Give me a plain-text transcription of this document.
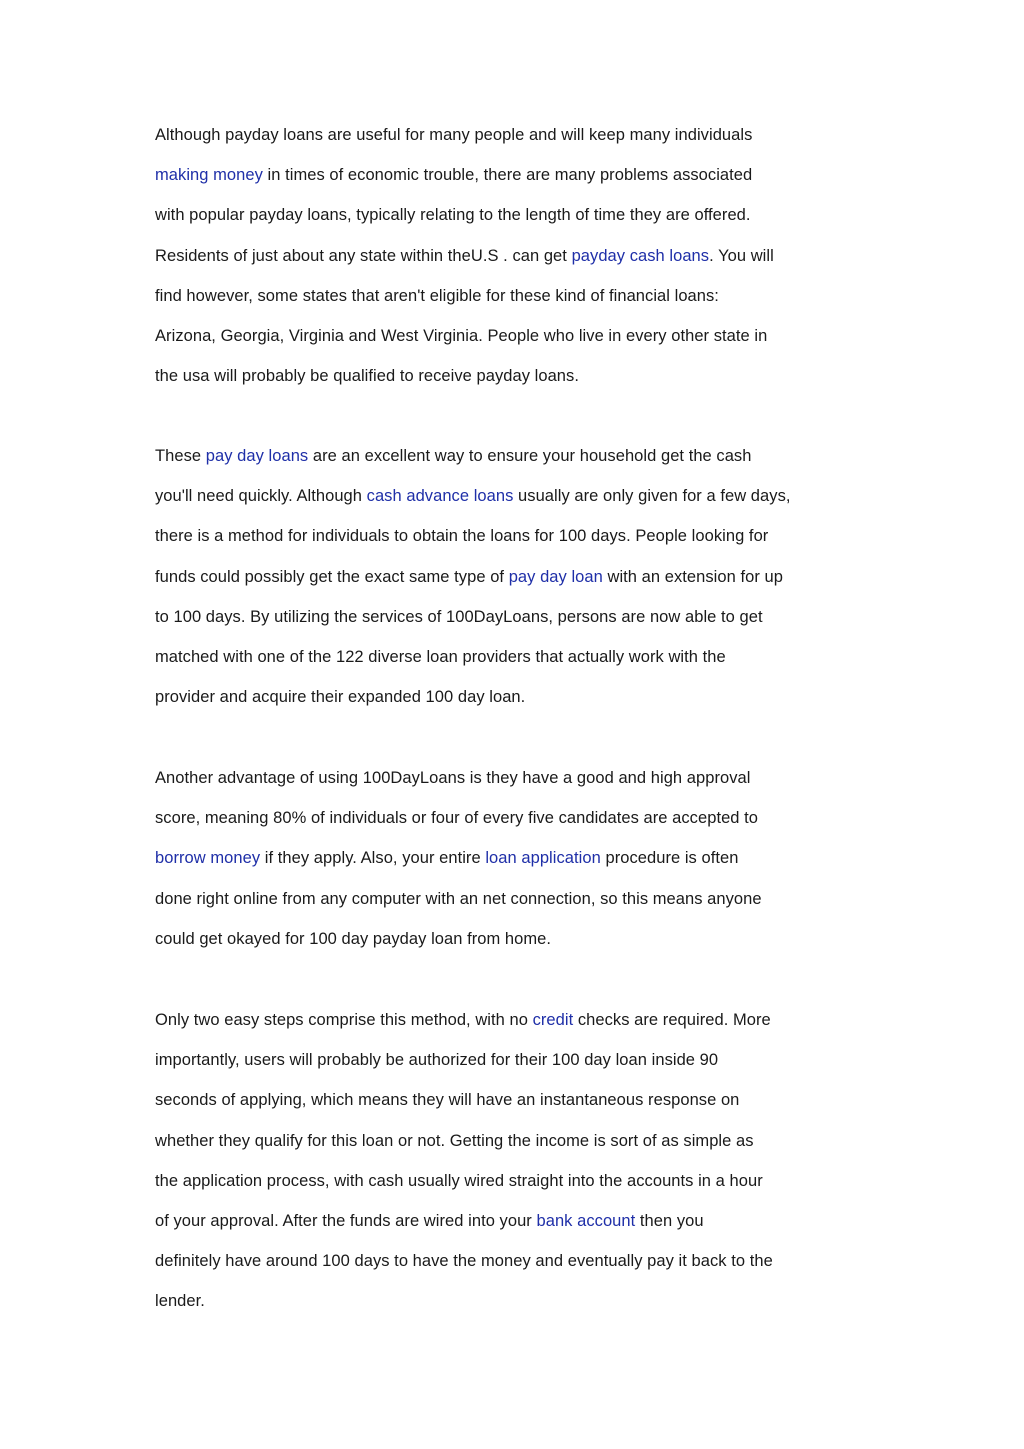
Although payday loans are useful for many people and will keep many individuals
making money in times of economic trouble, there are many problems associated
with popular payday loans, typically relating to the length of time they are offered.
Residents of just about any state within theU.S . can get payday cash loans. You will
find however, some states that aren't eligible for these kind of financial loans:
Arizona, Georgia, Virginia and West Virginia. People who live in every other state in
the usa will probably be qualified to receive payday loans.
These pay day loans are an excellent way to ensure your household get the cash
you'll need quickly. Although cash advance loans usually are only given for a few days,
there is a method for individuals to obtain the loans for 100 days. People looking for
funds could possibly get the exact same type of pay day loan with an extension for up
to 100 days. By utilizing the services of 100DayLoans, persons are now able to get
matched with one of the 122 diverse loan providers that actually work with the
provider and acquire their expanded 100 day loan.
Another advantage of using 100DayLoans is they have a good and high approval
score, meaning 80% of individuals or four of every five candidates are accepted to
borrow money if they apply. Also, your entire loan application procedure is often
done right online from any computer with an net connection, so this means anyone
could get okayed for 100 day payday loan from home.
Only two easy steps comprise this method, with no credit checks are required. More
importantly, users will probably be authorized for their 100 day loan inside 90
seconds of applying, which means they will have an instantaneous response on
whether they qualify for this loan or not. Getting the income is sort of as simple as
the application process, with cash usually wired straight into the accounts in a hour
of your approval. After the funds are wired into your bank account then you
definitely have around 100 days to have the money and eventually pay it back to the
lender.
